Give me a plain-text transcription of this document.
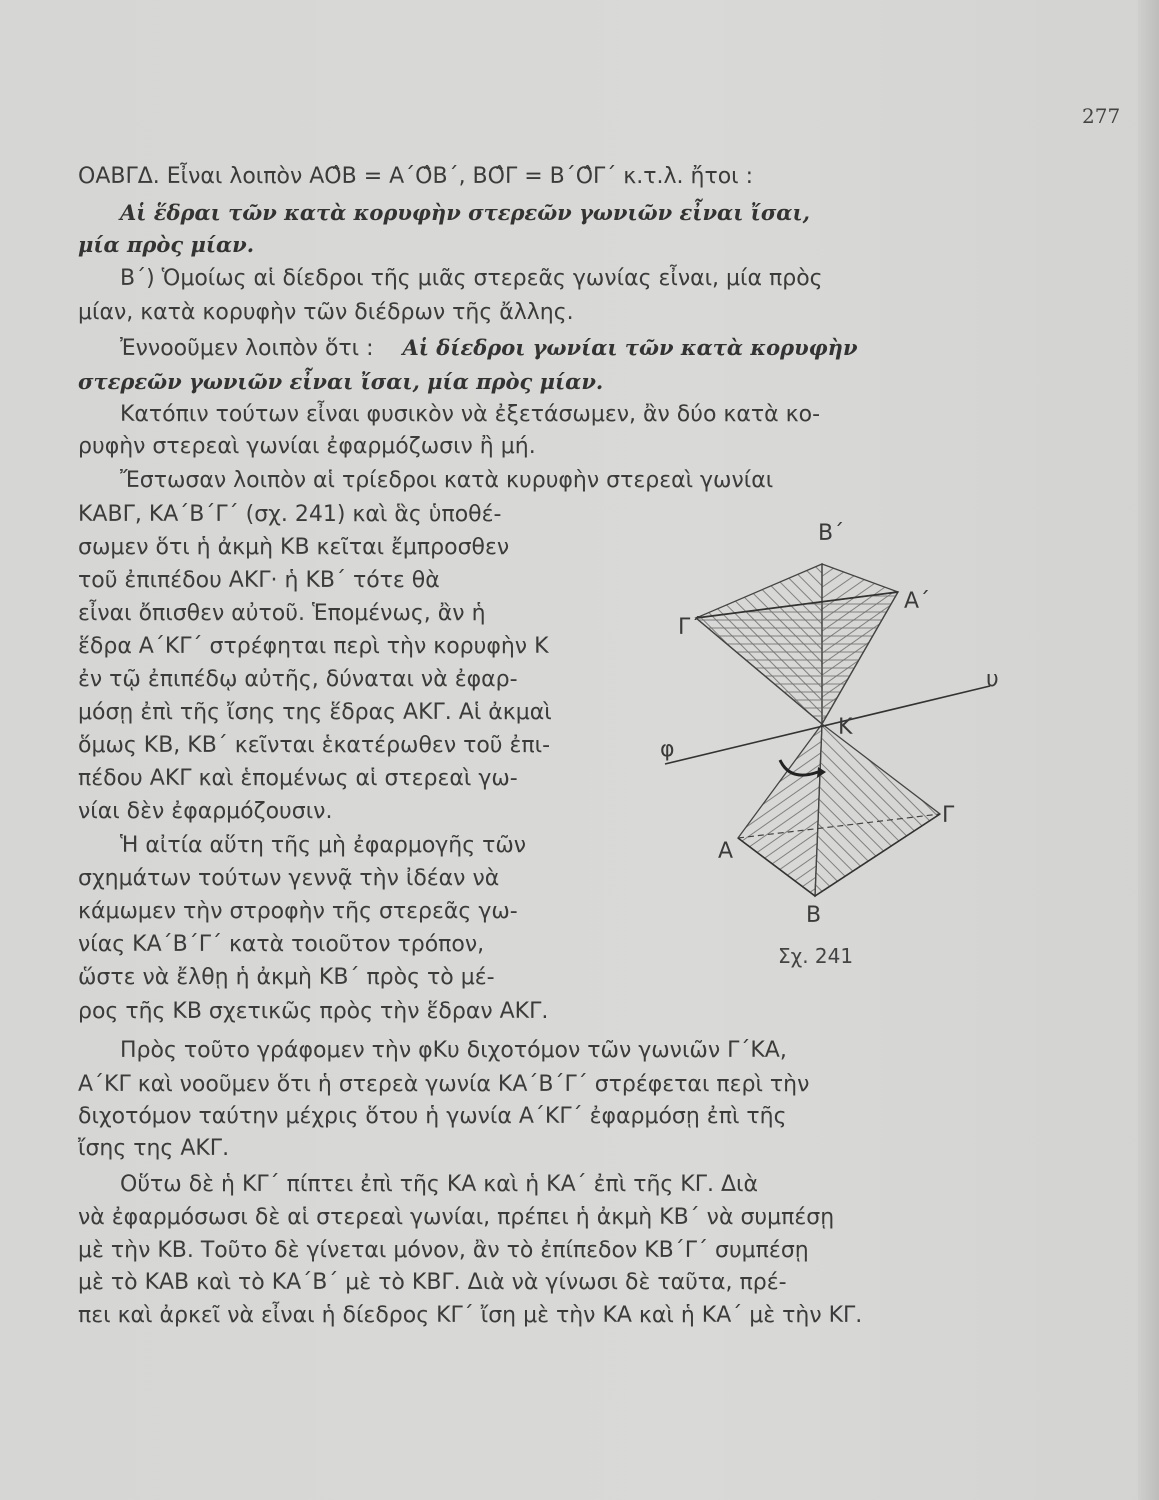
277
ΟΑΒΓΔ. Εἶναι λοιπὸν ΑΟ̂Β = Α΄Ο̂Β΄, ΒΟ̂Γ = Β΄Ο̂Γ΄ κ.τ.λ. ἤτοι :
Αἱ ἕδραι τῶν κατὰ κορυφὴν στερεῶν γωνιῶν εἶναι ἴσαι,
μία πρὸς μίαν.
Β΄) Ὁμοίως αἱ δίεδροι τῆς μιᾶς στερεᾶς γωνίας εἶναι, μία πρὸς
μίαν, κατὰ κορυφὴν τῶν διέδρων τῆς ἄλλης.
Ἐννοοῦμεν λοιπὸν ὅτι : Αἱ δίεδροι γωνίαι τῶν κατὰ κορυφὴν
στερεῶν γωνιῶν εἶναι ἴσαι, μία πρὸς μίαν.
Κατόπιν τούτων εἶναι φυσικὸν νὰ ἐξετάσωμεν, ἂν δύο κατὰ κο-
ρυφὴν στερεαὶ γωνίαι ἐφαρμόζωσιν ἢ μή.
Ἔστωσαν λοιπὸν αἱ τρίεδροι κατὰ κυρυφὴν στερεαὶ γωνίαι
ΚΑΒΓ, ΚΑ΄Β΄Γ΄ (σχ. 241) καὶ ἃς ὑποθέ-
σωμεν ὅτι ἡ ἀκμὴ ΚΒ κεῖται ἔμπροσθεν
τοῦ ἐπιπέδου ΑΚΓ· ἡ ΚΒ΄ τότε θὰ
εἶναι ὄπισθεν αὐτοῦ. Ἑπομένως, ἂν ἡ
ἕδρα Α΄ΚΓ΄ στρέφηται περὶ τὴν κορυφὴν Κ
ἐν τῷ ἐπιπέδῳ αὐτῆς, δύναται νὰ ἐφαρ-
μόσῃ ἐπὶ τῆς ἴσης της ἕδρας ΑΚΓ. Αἱ ἀκμαὶ
ὅμως ΚΒ, ΚΒ΄ κεῖνται ἑκατέρωθεν τοῦ ἐπι-
πέδου ΑΚΓ καὶ ἑπομένως αἱ στερεαὶ γω-
νίαι δὲν ἐφαρμόζουσιν.
Ἡ αἰτία αὕτη τῆς μὴ ἐφαρμογῆς τῶν
σχημάτων τούτων γεννᾷ τὴν ἰδέαν νὰ
κάμωμεν τὴν στροφὴν τῆς στερεᾶς γω-
νίας ΚΑ΄Β΄Γ΄ κατὰ τοιοῦτον τρόπον,
ὥστε νὰ ἔλθῃ ἡ ἀκμὴ ΚΒ΄ πρὸς τὸ μέ-
ρος τῆς ΚΒ σχετικῶς πρὸς τὴν ἕδραν ΑΚΓ.
Πρὸς τοῦτο γράφομεν τὴν φΚυ διχοτόμον τῶν γωνιῶν Γ΄ΚΑ,
Α΄ΚΓ καὶ νοοῦμεν ὅτι ἡ στερεὰ γωνία ΚΑ΄Β΄Γ΄ στρέφεται περὶ τὴν
διχοτόμον ταύτην μέχρις ὅτου ἡ γωνία Α΄ΚΓ΄ ἐφαρμόσῃ ἐπὶ τῆς
ἴσης της ΑΚΓ.
Οὕτω δὲ ἡ ΚΓ΄ πίπτει ἐπὶ τῆς ΚΑ καὶ ἡ ΚΑ΄ ἐπὶ τῆς ΚΓ. Διὰ
νὰ ἐφαρμόσωσι δὲ αἱ στερεαὶ γωνίαι, πρέπει ἡ ἀκμὴ ΚΒ΄ νὰ συμπέσῃ
μὲ τὴν ΚΒ. Τοῦτο δὲ γίνεται μόνον, ἂν τὸ ἐπίπεδον ΚΒ΄Γ΄ συμπέσῃ
μὲ τὸ ΚΑΒ καὶ τὸ ΚΑ΄Β΄ μὲ τὸ ΚΒΓ. Διὰ νὰ γίνωσι δὲ ταῦτα, πρέ-
πει καὶ ἀρκεῖ νὰ εἶναι ἡ δίεδρος ΚΓ΄ ἴση μὲ τὴν ΚΑ καὶ ἡ ΚΑ΄ μὲ τὴν ΚΓ.
Β΄
Α΄
Γ΄
Κ
υ
φ
Γ
Α
Β
Σχ. 241
